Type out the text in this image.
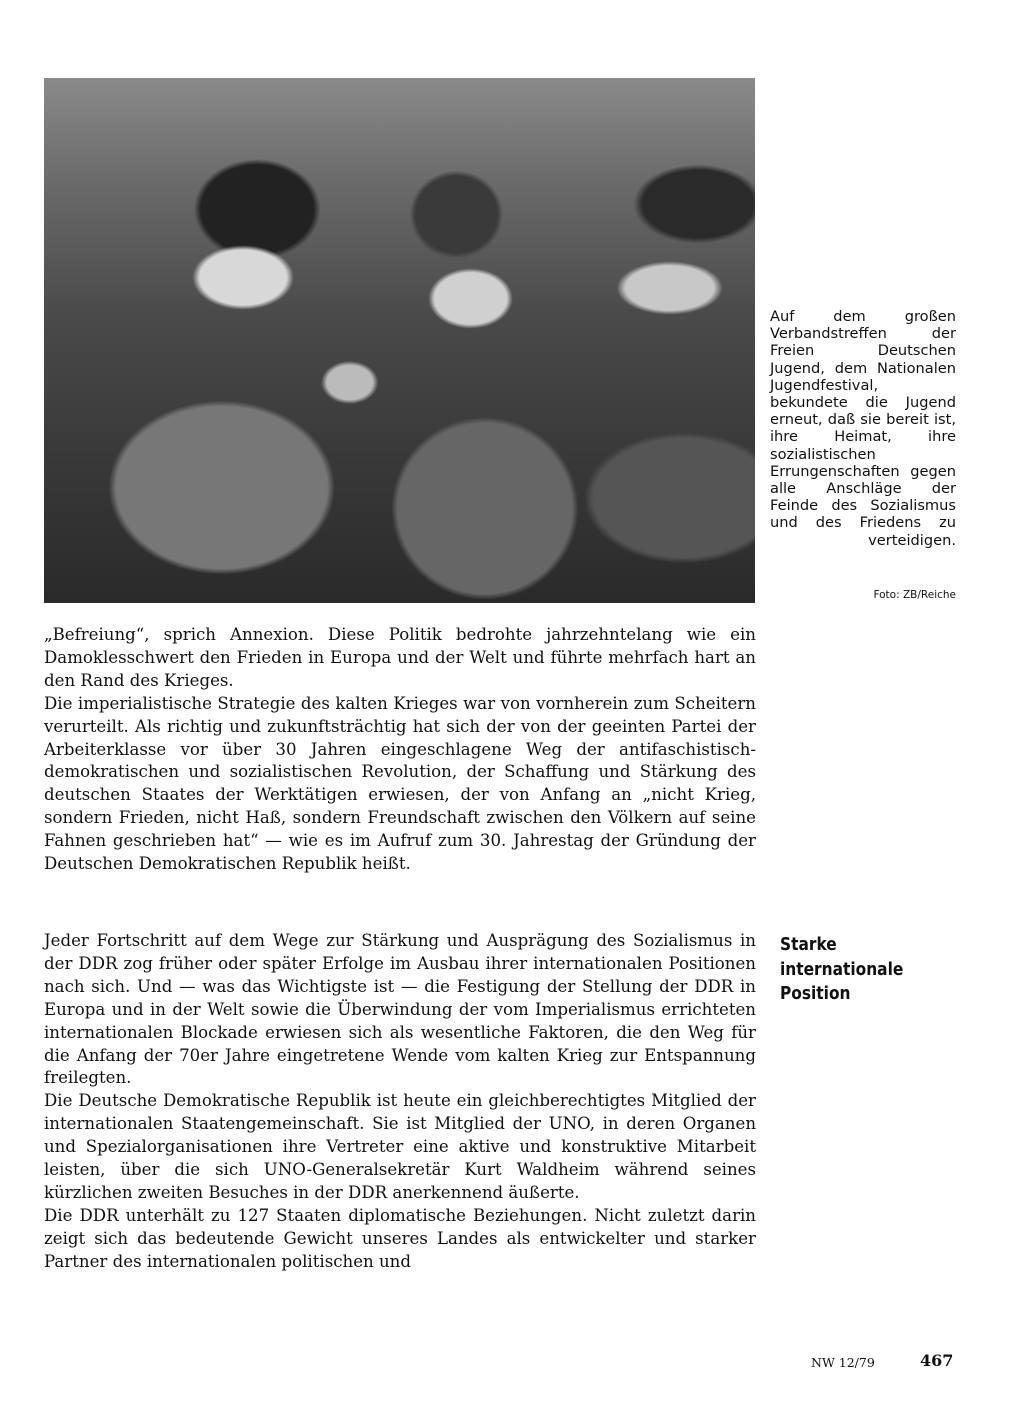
Auf dem großen Verbandstreffen der Freien Deutschen Jugend, dem Nationalen Jugendfestival, bekundete die Jugend erneut, daß sie bereit ist, ihre Heimat, ihre sozialistischen Errungenschaften gegen alle Anschläge der Feinde des Sozialismus und des Friedens zu verteidigen.
Foto: ZB/Reiche

„Befreiung“, sprich Annexion. Diese Politik bedrohte jahrzehntelang wie ein Damoklesschwert den Frieden in Europa und der Welt und führte mehrfach hart an den Rand des Krieges.

Die imperialistische Strategie des kalten Krieges war von vornherein zum Scheitern verurteilt. Als richtig und zukunftsträchtig hat sich der von der geeinten Partei der Arbeiterklasse vor über 30 Jahren eingeschlagene Weg der antifaschistisch-demokratischen und sozialistischen Revolution, der Schaffung und Stärkung des deutschen Staates der Werktätigen erwiesen, der von Anfang an „nicht Krieg, sondern Frieden, nicht Haß, sondern Freundschaft zwischen den Völkern auf seine Fahnen geschrieben hat“ — wie es im Aufruf zum 30. Jahrestag der Gründung der Deutschen Demokratischen Republik heißt.

Starke
internationale
Position

Jeder Fortschritt auf dem Wege zur Stärkung und Ausprägung des Sozialismus in der DDR zog früher oder später Erfolge im Ausbau ihrer internationalen Positionen nach sich. Und — was das Wichtigste ist — die Festigung der Stellung der DDR in Europa und in der Welt sowie die Überwindung der vom Imperialismus errichteten internationalen Blockade erwiesen sich als wesentliche Faktoren, die den Weg für die Anfang der 70er Jahre eingetretene Wende vom kalten Krieg zur Entspannung freilegten.

Die Deutsche Demokratische Republik ist heute ein gleichberechtigtes Mitglied der internationalen Staatengemeinschaft. Sie ist Mitglied der UNO, in deren Organen und Spezialorganisationen ihre Vertreter eine aktive und konstruktive Mitarbeit leisten, über die sich UNO-Generalsekretär Kurt Waldheim während seines kürzlichen zweiten Besuches in der DDR anerkennend äußerte.

Die DDR unterhält zu 127 Staaten diplomatische Beziehungen. Nicht zuletzt darin zeigt sich das bedeutende Gewicht unseres Landes als entwickelter und starker Partner des internationalen politischen und

NW 12/79	467
